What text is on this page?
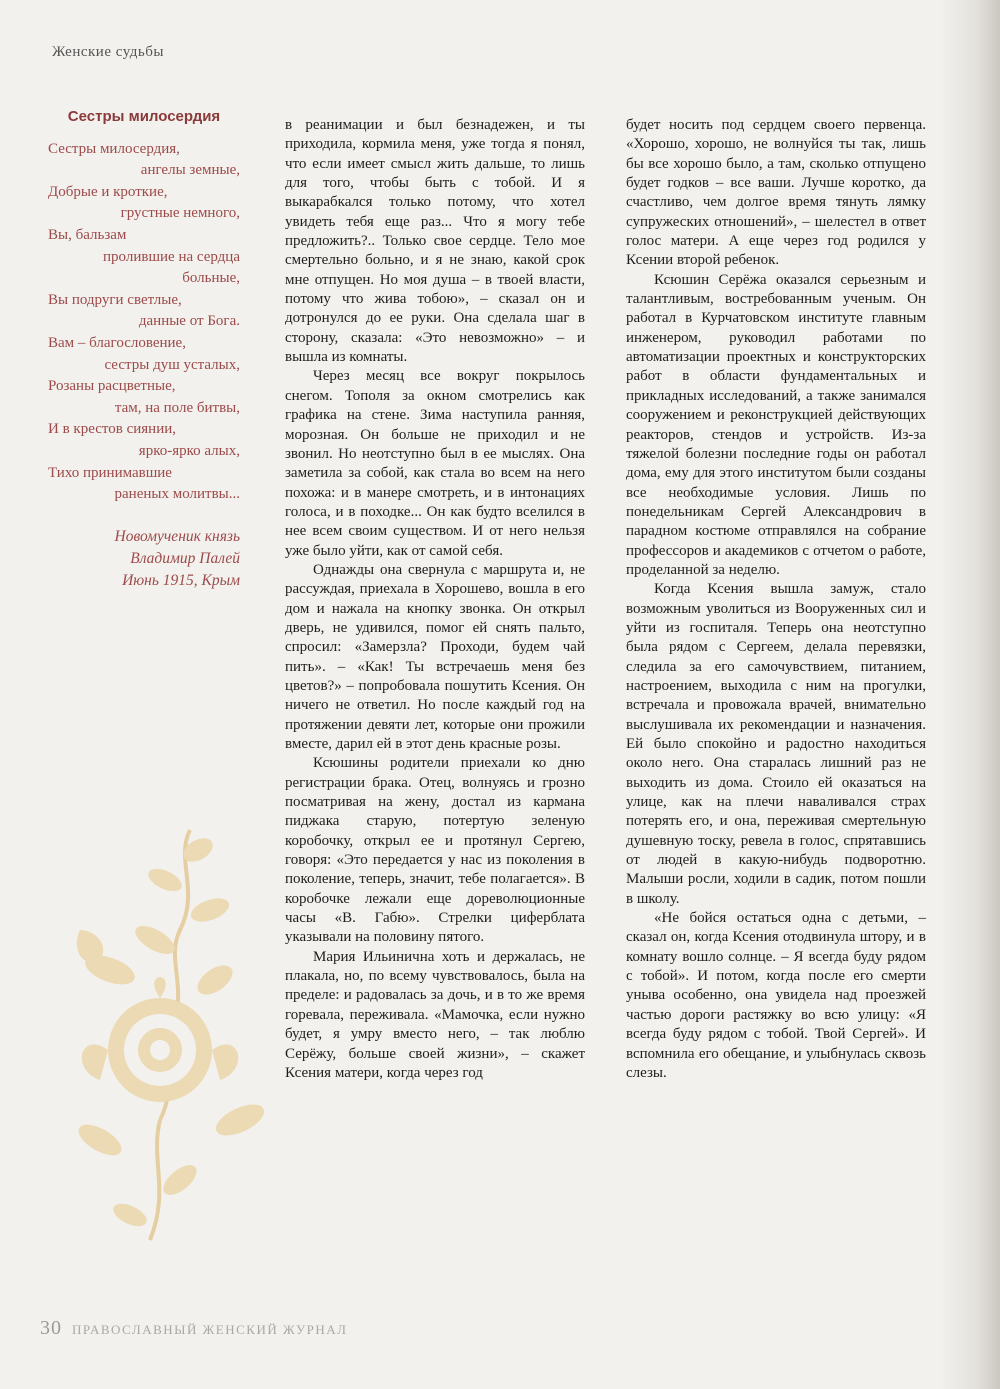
Женские судьбы
Сестры милосердия
Сестры милосердия,
ангелы земные,
Добрые и кроткие,
грустные немного,
Вы, бальзам
пролившие на сердца
больные,
Вы подруги светлые,
данные от Бога.
Вам – благословение,
сестры душ усталых,
Розаны расцветные,
там, на поле битвы,
И в крестов сиянии,
ярко-ярко алых,
Тихо принимавшие
раненых молитвы...
Новомученик князь
Владимир Палей
Июнь 1915, Крым

в реанимации и был безнадежен, и ты приходила, кормила меня, уже тогда я понял, что если имеет смысл жить дальше, то лишь для того, чтобы быть с тобой. И я выкарабкался только потому, что хотел увидеть тебя еще раз... Что я могу тебе предложить?.. Только свое сердце. Тело мое смертельно больно, и я не знаю, какой срок мне отпущен. Но моя душа – в твоей власти, потому что жива тобою», – сказал он и дотронулся до ее руки. Она сделала шаг в сторону, сказала: «Это невозможно» – и вышла из комнаты.

Через месяц все вокруг покрылось снегом. Тополя за окном смотрелись как графика на стене. Зима наступила ранняя, морозная. Он больше не приходил и не звонил. Но неотступно был в ее мыслях. Она заметила за собой, как стала во всем на него похожа: и в манере смотреть, и в интонациях голоса, и в походке... Он как будто вселился в нее всем своим существом. И от него нельзя уже было уйти, как от самой себя.

Однажды она свернула с маршрута и, не рассуждая, приехала в Хорошево, вошла в его дом и нажала на кнопку звонка. Он открыл дверь, не удивился, помог ей снять пальто, спросил: «Замерзла? Проходи, будем чай пить». – «Как! Ты встречаешь меня без цветов?» – попробовала пошутить Ксения. Он ничего не ответил. Но после каждый год на протяжении девяти лет, которые они прожили вместе, дарил ей в этот день красные розы.

Ксюшины родители приехали ко дню регистрации брака. Отец, волнуясь и грозно посматривая на жену, достал из кармана пиджака старую, потертую зеленую коробочку, открыл ее и протянул Сергею, говоря: «Это передается у нас из поколения в поколение, теперь, значит, тебе полагается». В коробочке лежали еще дореволюционные часы «В. Габю». Стрелки циферблата указывали на половину пятого.

Мария Ильинична хоть и держалась, не плакала, но, по всему чувствовалось, была на пределе: и радовалась за дочь, и в то же время горевала, переживала. «Мамочка, если нужно будет, я умру вместо него, – так люблю Серёжу, больше своей жизни», – скажет Ксения матери, когда через год

будет носить под сердцем своего первенца. «Хорошо, хорошо, не волнуйся ты так, лишь бы все хорошо было, а там, сколько отпущено будет годков – все ваши. Лучше коротко, да счастливо, чем долгое время тянуть лямку супружеских отношений», – шелестел в ответ голос матери. А еще через год родился у Ксении второй ребенок.

Ксюшин Серёжа оказался серьезным и талантливым, востребованным ученым. Он работал в Курчатовском институте главным инженером, руководил работами по автоматизации проектных и конструкторских работ в области фундаментальных и прикладных исследований, а также занимался сооружением и реконструкцией действующих реакторов, стендов и устройств. Из-за тяжелой болезни последние годы он работал дома, ему для этого институтом были созданы все необходимые условия. Лишь по понедельникам Сергей Александрович в парадном костюме отправлялся на собрание профессоров и академиков с отчетом о работе, проделанной за неделю.

Когда Ксения вышла замуж, стало возможным уволиться из Вооруженных сил и уйти из госпиталя. Теперь она неотступно была рядом с Сергеем, делала перевязки, следила за его самочувствием, питанием, настроением, выходила с ним на прогулки, встречала и провожала врачей, внимательно выслушивала их рекомендации и назначения. Ей было спокойно и радостно находиться около него. Она старалась лишний раз не выходить из дома. Стоило ей оказаться на улице, как на плечи наваливался страх потерять его, и она, переживая смертельную душевную тоску, ревела в голос, спрятавшись от людей в какую-нибудь подворотню. Малыши росли, ходили в садик, потом пошли в школу.

«Не бойся остаться одна с детьми, – сказал он, когда Ксения отодвинула штору, и в комнату вошло солнце. – Я всегда буду рядом с тобой». И потом, когда после его смерти уныва особенно, она увидела над проезжей частью дороги растяжку во всю улицу: «Я всегда буду рядом с тобой. Твой Сергей». И вспомнила его обещание, и улыбнулась сквозь слезы.

30 ПРАВОСЛАВНЫЙ ЖЕНСКИЙ ЖУРНАЛ
